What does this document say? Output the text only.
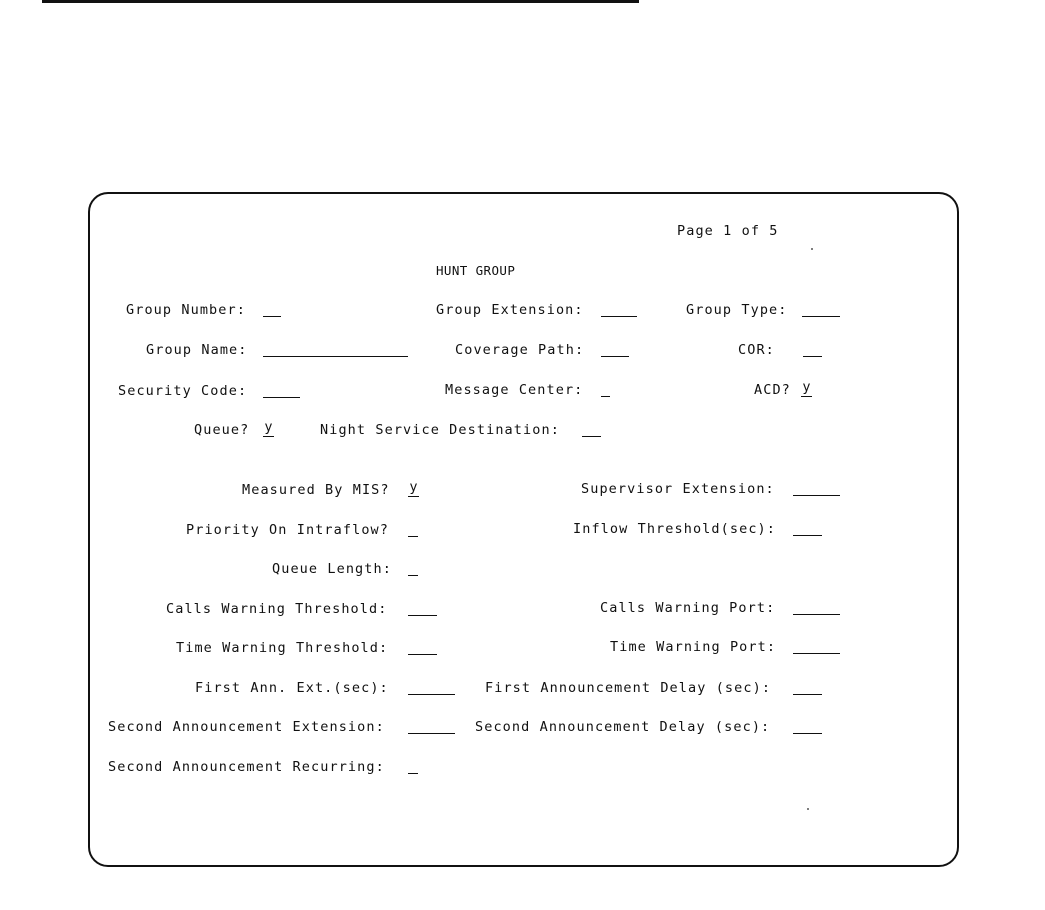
Page 1 of 5
HUNT GROUP
Group Number:	Group Extension:	Group Type:
Group Name:	Coverage Path:	COR:
Security Code:	Message Center:	ACD? y
Queue? y	Night Service Destination:
Measured By MIS? y	Supervisor Extension:
Priority On Intraflow?	Inflow Threshold(sec):
Queue Length:
Calls Warning Threshold:	Calls Warning Port:
Time Warning Threshold:	Time Warning Port:
First Ann. Ext.(sec):	First Announcement Delay (sec):
Second Announcement Extension:	Second Announcement Delay (sec):
Second Announcement Recurring:
